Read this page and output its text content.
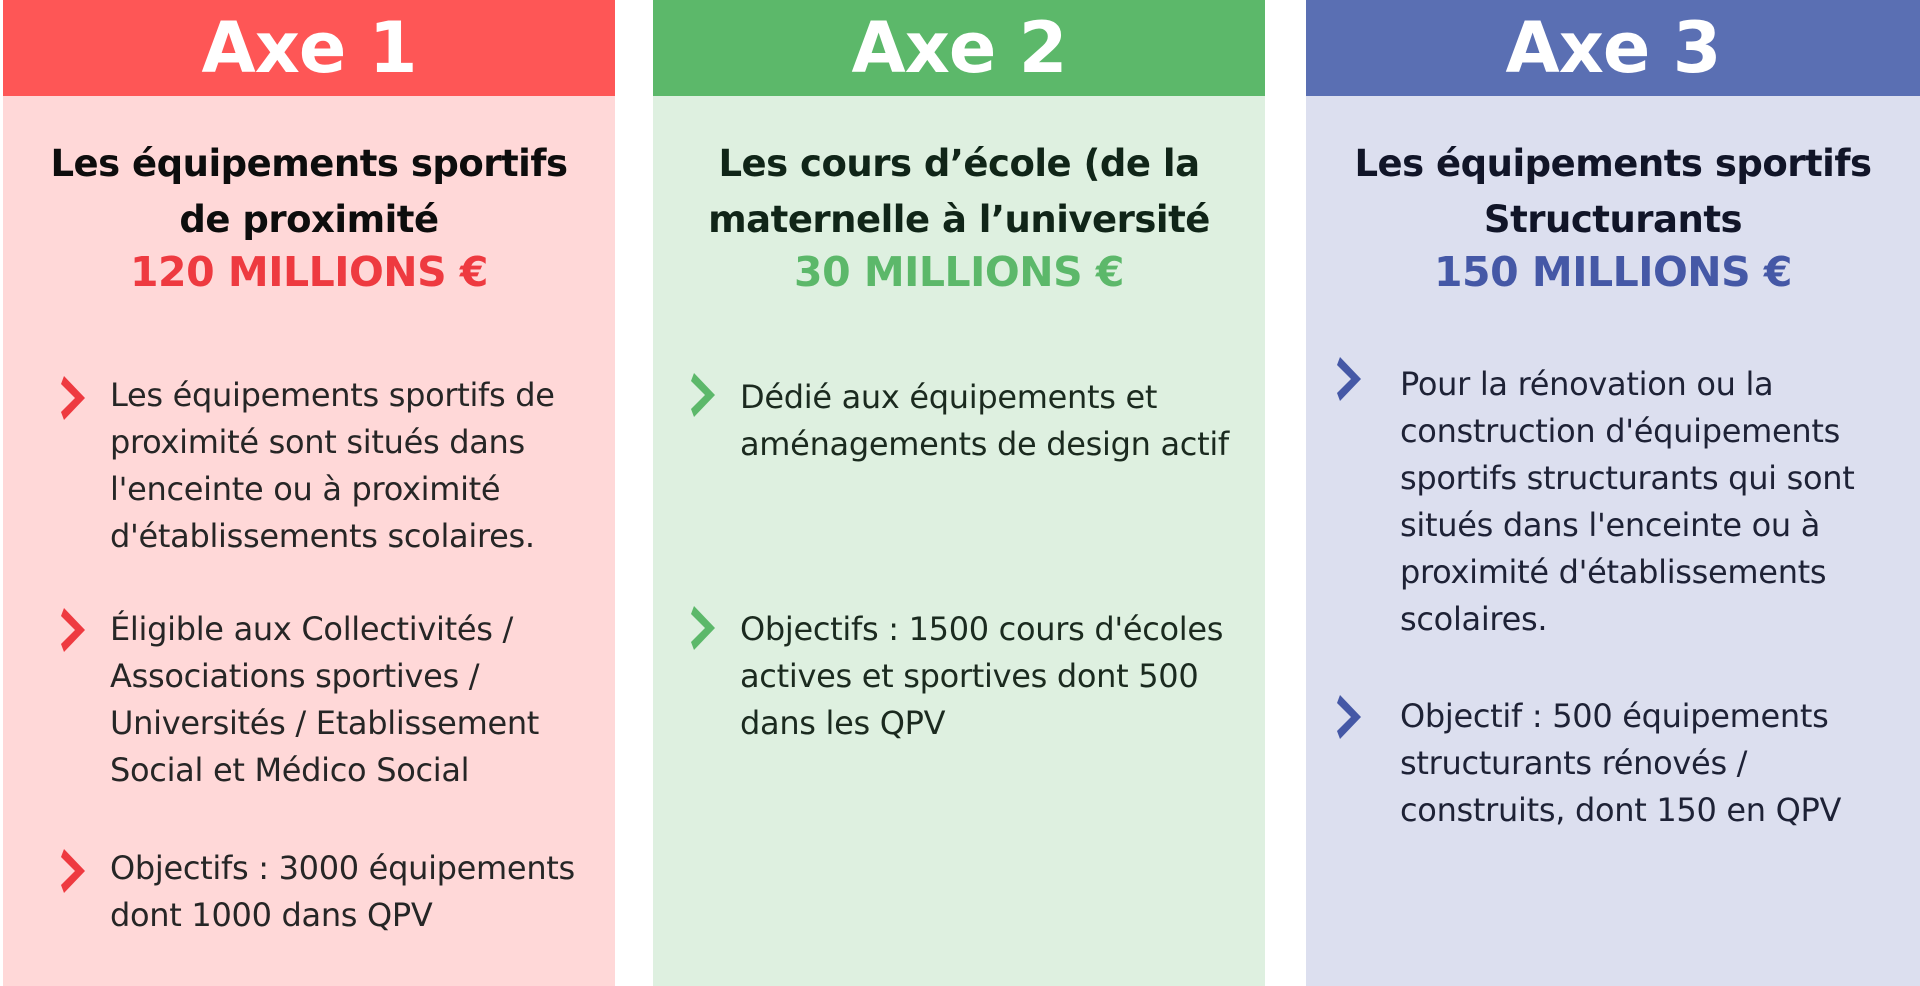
Axe 1
Les équipements sportifs
de proximité
120 MILLIONS €
Les équipements sportifs de
proximité sont situés dans
l'enceinte ou à proximité
d'établissements scolaires.
Éligible aux Collectivités /
Associations sportives /
Universités / Etablissement
Social et Médico Social
Objectifs : 3000 équipements
dont 1000 dans QPV
Axe 2
Les cours d’école (de la
maternelle à l’université
30 MILLIONS €
Dédié aux équipements et
aménagements de design actif
Objectifs : 1500 cours d'écoles
actives et sportives dont 500
dans les QPV
Axe 3
Les équipements sportifs
Structurants
150 MILLIONS €
Pour la rénovation ou la
construction d'équipements
sportifs structurants qui sont
situés dans l'enceinte ou à
proximité d'établissements
scolaires.
Objectif : 500 équipements
structurants rénovés /
construits, dont 150 en QPV
